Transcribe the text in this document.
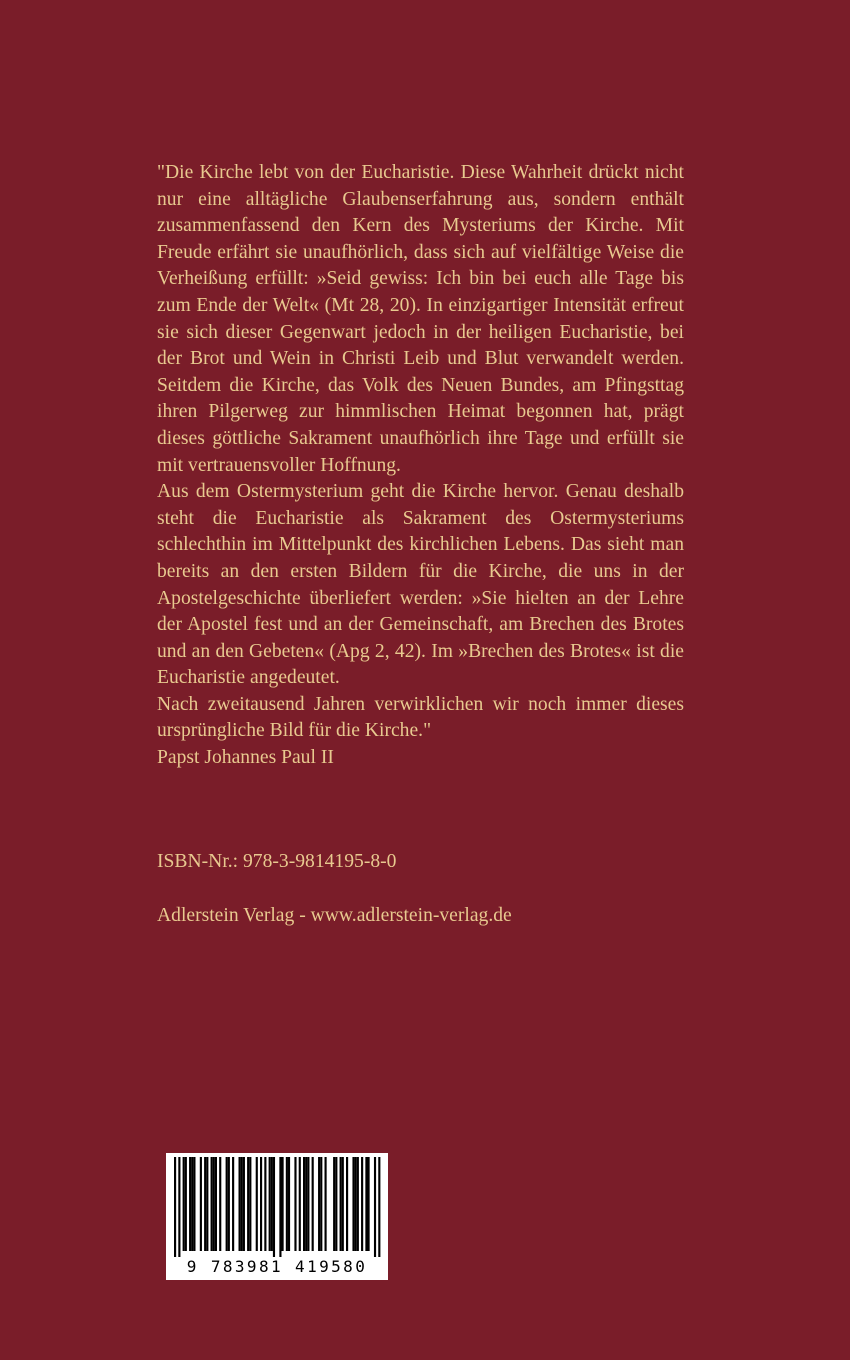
"Die Kirche lebt von der Eucharistie. Diese Wahrheit drückt nicht nur eine alltägliche Glaubenserfahrung aus, sondern enthält zusammenfassend den Kern des Mysteriums der Kirche. Mit Freude erfährt sie unaufhörlich, dass sich auf vielfältige Weise die Verheißung erfüllt: »Seid gewiss: Ich bin bei euch alle Tage bis zum Ende der Welt« (Mt 28, 20). In einzigartiger Intensität erfreut sie sich dieser Gegenwart jedoch in der heiligen Eucharistie, bei der Brot und Wein in Christi Leib und Blut verwandelt werden. Seitdem die Kirche, das Volk des Neuen Bundes, am Pfingsttag ihren Pilgerweg zur himmlischen Heimat begonnen hat, prägt dieses göttliche Sakrament unaufhörlich ihre Tage und erfüllt sie mit vertrauensvoller Hoffnung.

Aus dem Ostermysterium geht die Kirche hervor. Genau deshalb steht die Eucharistie als Sakrament des Ostermysteriums schlechthin im Mittelpunkt des kirchlichen Lebens. Das sieht man bereits an den ersten Bildern für die Kirche, die uns in der Apostelgeschichte überliefert werden: »Sie hielten an der Lehre der Apostel fest und an der Gemeinschaft, am Brechen des Brotes und an den Gebeten« (Apg 2, 42). Im »Brechen des Brotes« ist die Eucharistie angedeutet.

Nach zweitausend Jahren verwirklichen wir noch immer dieses ursprüngliche Bild für die Kirche."

Papst Johannes Paul II

ISBN-Nr.: 978-3-9814195-8-0
Adlerstein Verlag - www.adlerstein-verlag.de
9 783981 419580
